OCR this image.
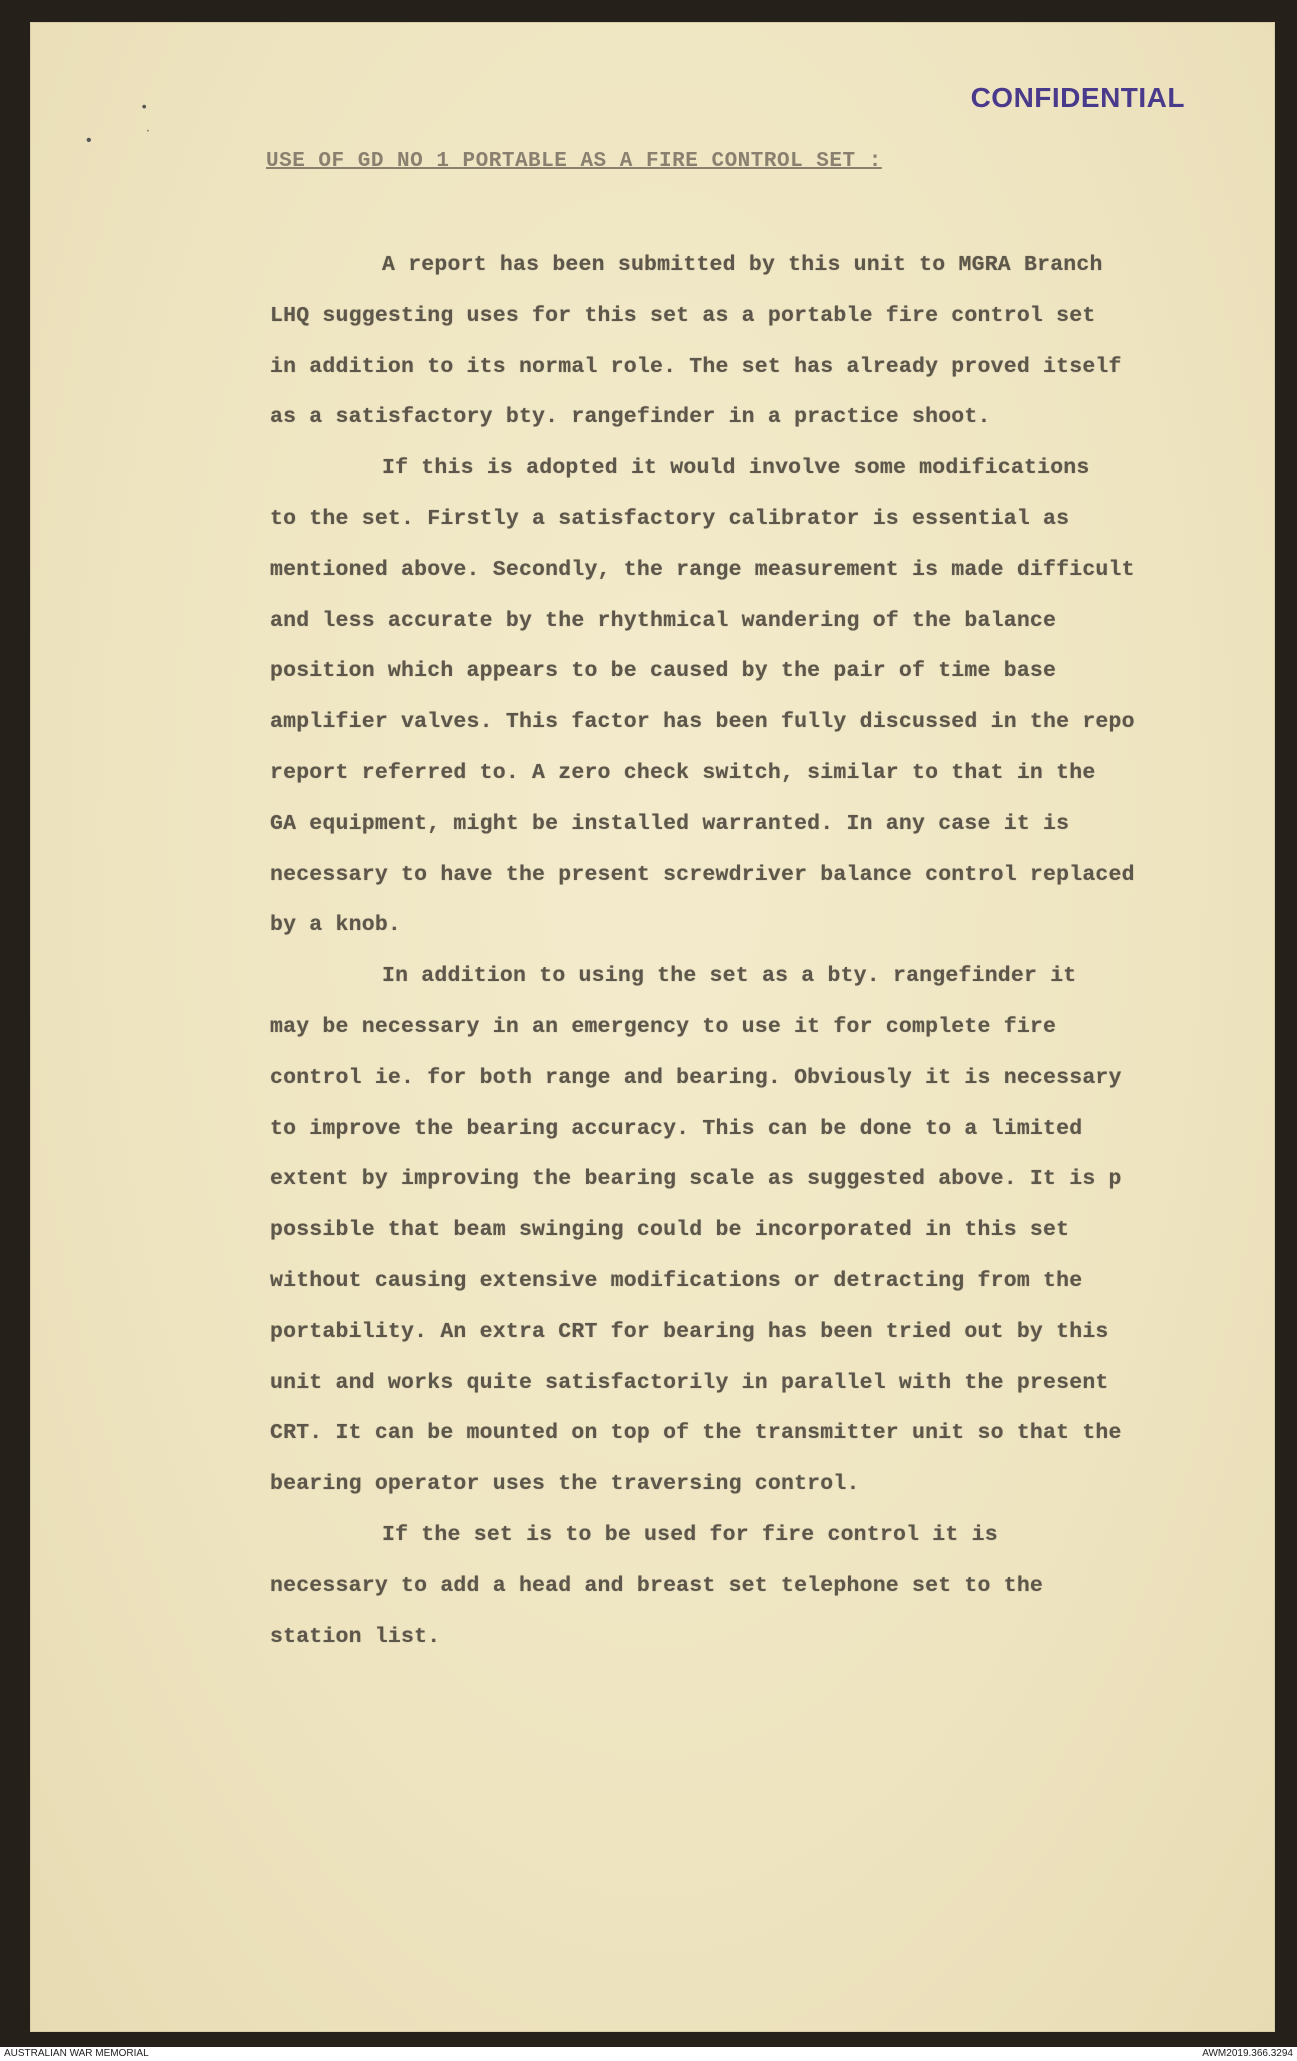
•
‧
•
CONFIDENTIAL
USE OF GD NO 1 PORTABLE AS A FIRE CONTROL SET :
A report has been submitted by this unit to MGRA Branch
LHQ suggesting uses for this set as a portable fire control set
in addition to its normal role. The set has already proved itself
as a satisfactory bty. rangefinder in a practice shoot.
If this is adopted it would involve some modifications
to the set. Firstly a satisfactory calibrator is essential as
mentioned above. Secondly, the range measurement is made difficult
and less accurate by the rhythmical wandering of the balance
position which appears to be caused by the pair of time base
amplifier valves. This factor has been fully discussed in the repo
report referred to. A zero check switch, similar to that in the
GA equipment, might be installed warranted. In any case it is
necessary to have the present screwdriver balance control replaced
by a knob.
In addition to using the set as a bty. rangefinder it
may be necessary in an emergency to use it for complete fire
control ie. for both range and bearing. Obviously it is necessary
to improve the bearing accuracy. This can be done to a limited
extent by improving the bearing scale as suggested above. It is p
possible that beam swinging could be incorporated in this set
without causing extensive modifications or detracting from the
portability. An extra CRT for bearing has been tried out by this
unit and works quite satisfactorily in parallel with the present
CRT. It can be mounted on top of the transmitter unit so that the
bearing operator uses the traversing control.
If the set is to be used for fire control it is
necessary to add a head and breast set telephone set to the
station list.
AUSTRALIAN WAR MEMORIAL	AWM2019.366.3294
